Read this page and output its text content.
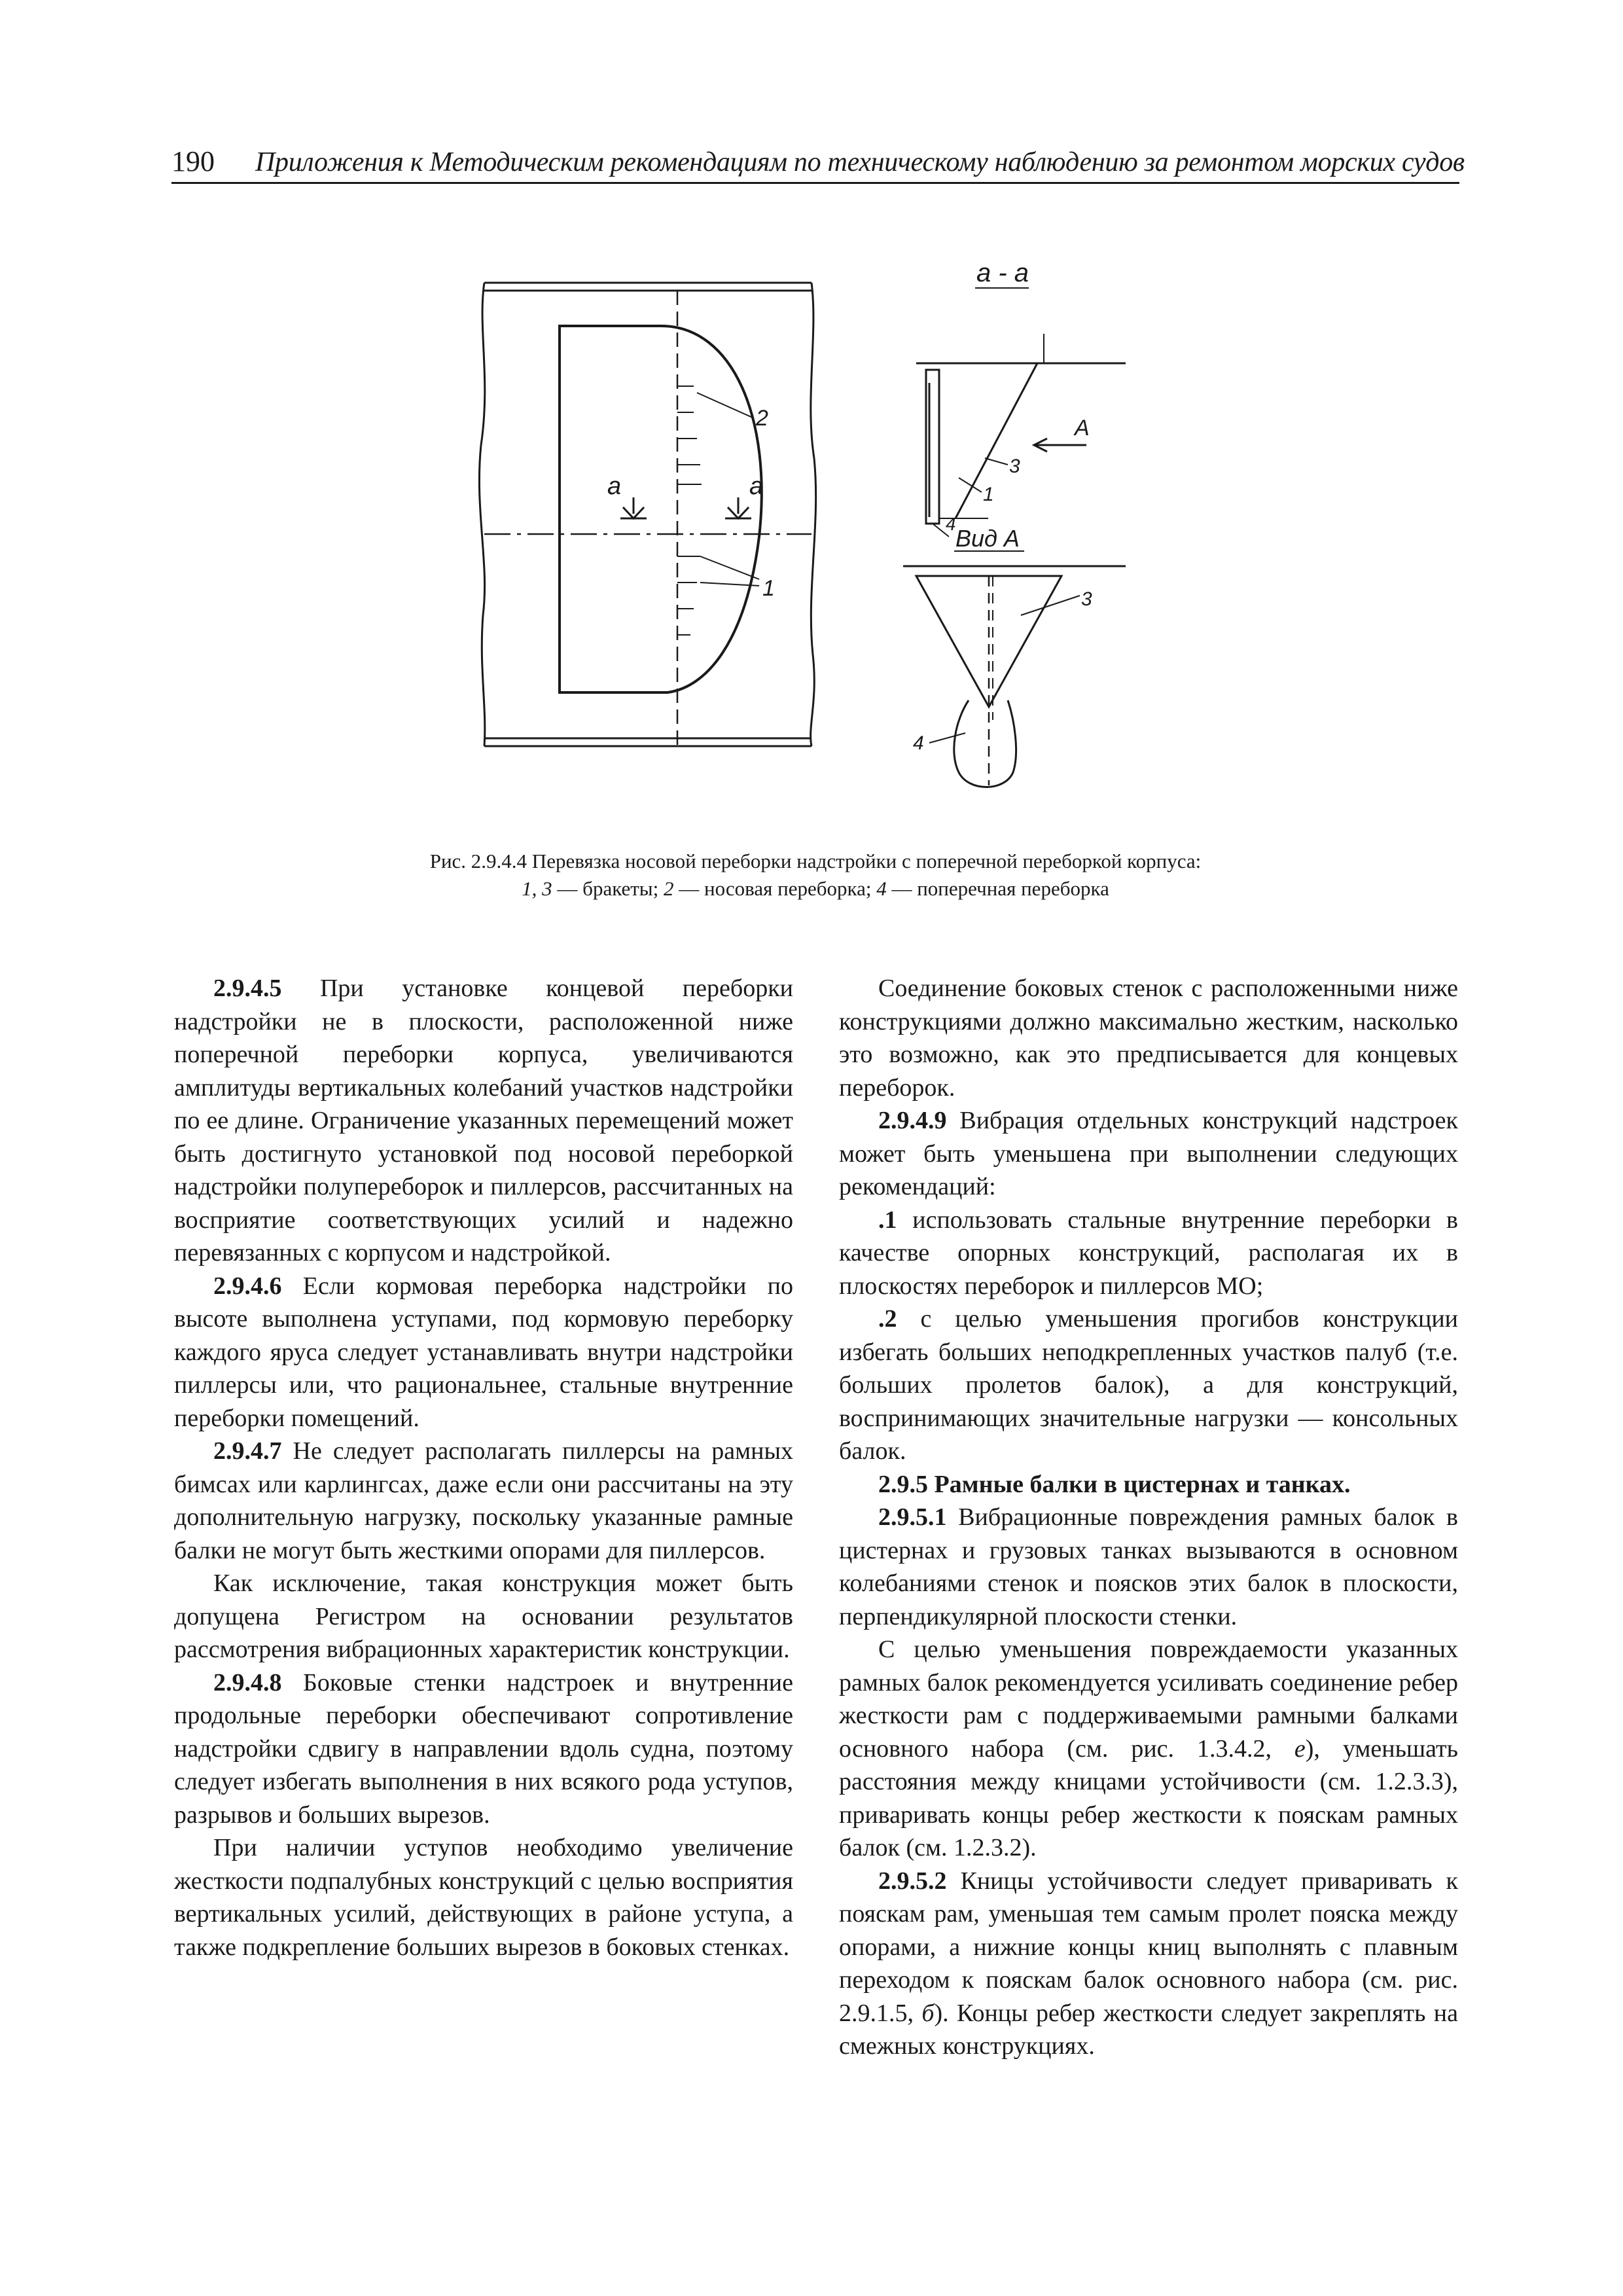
190 Приложения к Методическим рекомендациям по техническому наблюдению за ремонтом морских судов
a	a
2
1
a - a
A
3
1
4
Вид A
3
4
Рис. 2.9.4.4 Перевязка носовой переборки надстройки с поперечной переборкой корпуса:
1, 3 — бракеты; 2 — носовая переборка; 4 — поперечная переборка

2.9.4.5 При установке концевой переборки надстройки не в плоскости, расположенной ниже поперечной переборки корпуса, увеличиваются амплитуды вертикальных колебаний участков надстройки по ее длине. Ограничение указанных перемещений может быть достигнуто установкой под носовой переборкой надстройки полупереборок и пиллерсов, рассчитанных на восприятие соответствующих усилий и надежно перевязанных с корпусом и надстройкой.

2.9.4.6 Если кормовая переборка надстройки по высоте выполнена уступами, под кормовую переборку каждого яруса следует устанавливать внутри надстройки пиллерсы или, что рациональнее, стальные внутренние переборки помещений.

2.9.4.7 Не следует располагать пиллерсы на рамных бимсах или карлингсах, даже если они рассчитаны на эту дополнительную нагрузку, поскольку указанные рамные балки не могут быть жесткими опорами для пиллерсов.

Как исключение, такая конструкция может быть допущена Регистром на основании результатов рассмотрения вибрационных характеристик конструкции.

2.9.4.8 Боковые стенки надстроек и внутренние продольные переборки обеспечивают сопротивление надстройки сдвигу в направлении вдоль судна, поэтому следует избегать выполнения в них всякого рода уступов, разрывов и больших вырезов.

При наличии уступов необходимо увеличение жесткости подпалубных конструкций с целью восприятия вертикальных усилий, действующих в районе уступа, а также подкрепление больших вырезов в боковых стенках.

Соединение боковых стенок с расположенными ниже конструкциями должно максимально жестким, насколько это возможно, как это предписывается для концевых переборок.

2.9.4.9 Вибрация отдельных конструкций надстроек может быть уменьшена при выполнении следующих рекомендаций:

.1 использовать стальные внутренние переборки в качестве опорных конструкций, располагая их в плоскостях переборок и пиллерсов МО;

.2 с целью уменьшения прогибов конструкции избегать больших неподкрепленных участков палуб (т.е. больших пролетов балок), а для конструкций, воспринимающих значительные нагрузки — консольных балок.

2.9.5 Рамные балки в цистернах и танках.

2.9.5.1 Вибрационные повреждения рамных балок в цистернах и грузовых танках вызываются в основном колебаниями стенок и поясков этих балок в плоскости, перпендикулярной плоскости стенки.

С целью уменьшения повреждаемости указанных рамных балок рекомендуется усиливать соединение ребер жесткости рам с поддерживаемыми рамными балками основного набора (см. рис. 1.3.4.2, е), уменьшать расстояния между кницами устойчивости (см. 1.2.3.3), приваривать концы ребер жесткости к пояскам рамных балок (см. 1.2.3.2).

2.9.5.2 Кницы устойчивости следует приваривать к пояскам рам, уменьшая тем самым пролет пояска между опорами, а нижние концы книц выполнять с плавным переходом к пояскам балок основного набора (см. рис. 2.9.1.5, б). Концы ребер жесткости следует закреплять на смежных конструкциях.
